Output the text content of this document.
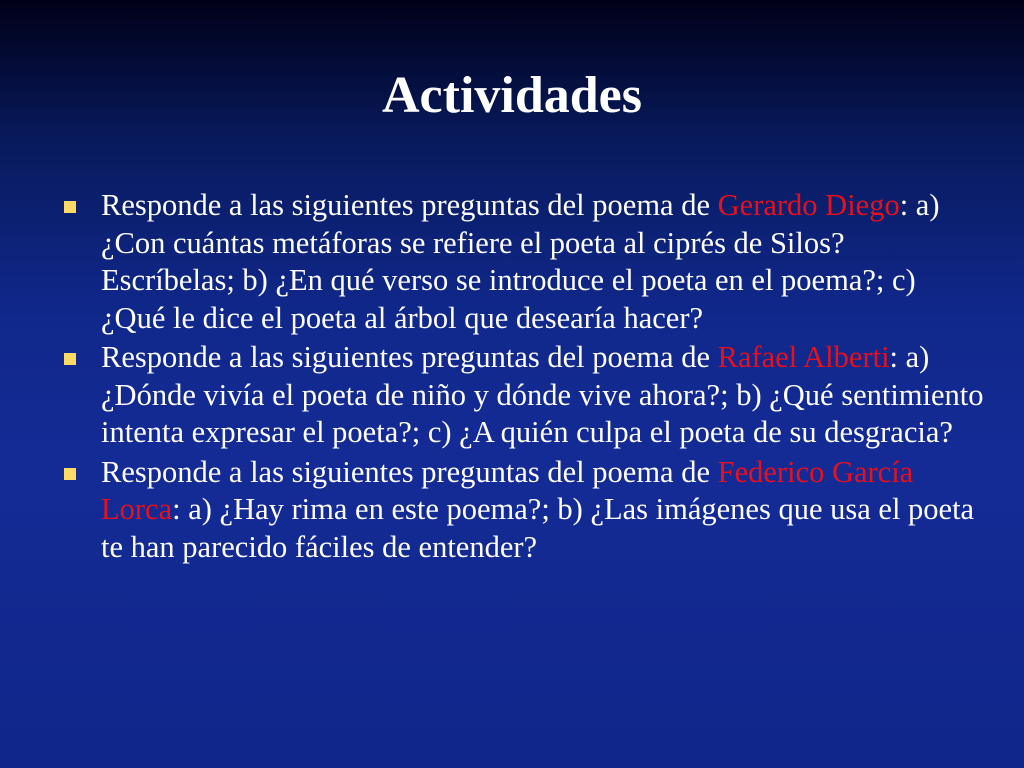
Actividades
Responde a las siguientes preguntas del poema de Gerardo Diego: a) ¿Con cuántas metáforas se refiere el poeta al ciprés de Silos? Escríbelas; b) ¿En qué verso se introduce el poeta en el poema?; c) ¿Qué le dice el poeta al árbol que desearía hacer?
Responde a las siguientes preguntas del poema de Rafael Alberti: a) ¿Dónde vivía el poeta de niño y dónde vive ahora?; b) ¿Qué sentimiento intenta expresar el poeta?; c) ¿A quién culpa el poeta de su desgracia?
Responde a las siguientes preguntas del poema de Federico García Lorca: a) ¿Hay rima en este poema?; b) ¿Las imágenes que usa el poeta te han parecido fáciles de entender?
